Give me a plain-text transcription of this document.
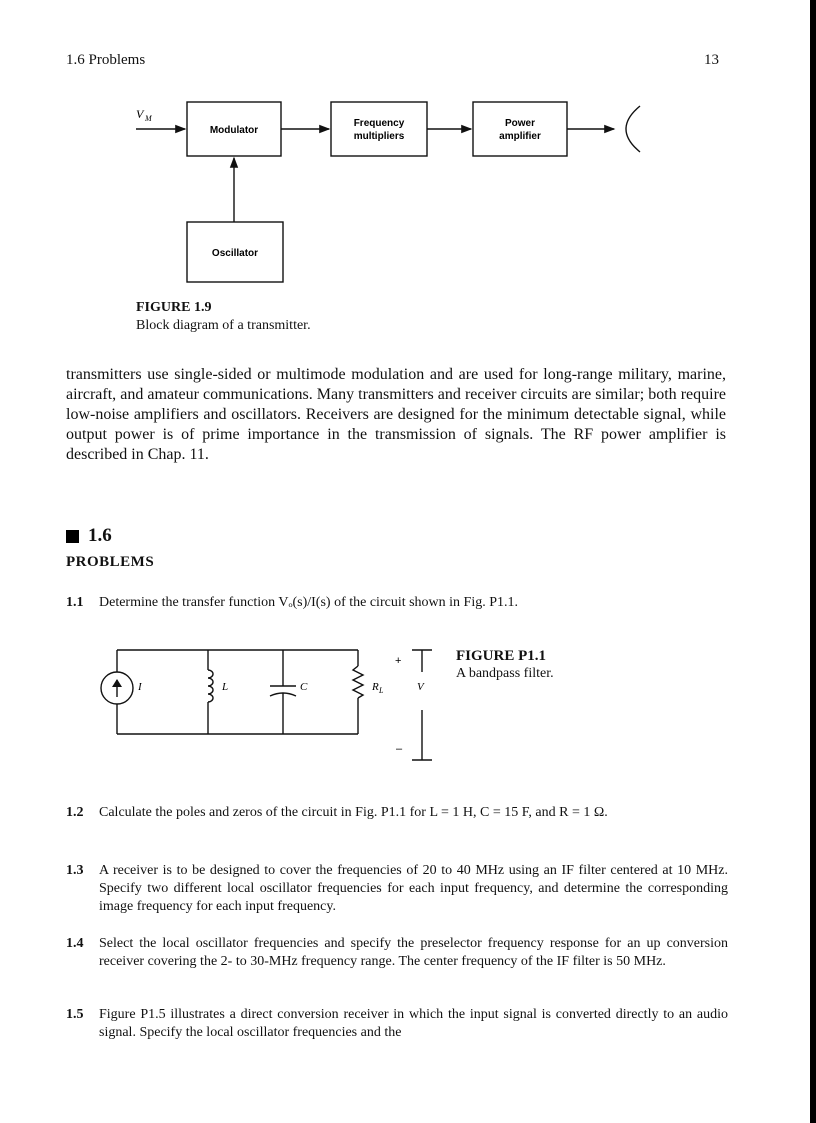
1.6 Problems	13
V M
Modulator
Frequency
multipliers
Power
amplifier
Oscillator
FIGURE 1.9
Block diagram of a transmitter.

transmitters use single-sided or multimode modulation and are used for long-range military, marine, aircraft, and amateur communications. Many transmitters and receiver circuits are similar; both require low-noise amplifiers and oscillators. Receivers are designed for the minimum detectable signal, while output power is of prime importance in the transmission of signals. The RF power amplifier is described in Chap. 11.

1.6
PROBLEMS
1.1 Determine the transfer function Vₒ(s)/I(s) of the circuit shown in Fig. P1.1.
I	L	C	R L	V
+
–
FIGURE P1.1
A bandpass filter.
1.2 Calculate the poles and zeros of the circuit in Fig. P1.1 for L = 1 H, C = 15 F, and R = 1 Ω.
1.3 A receiver is to be designed to cover the frequencies of 20 to 40 MHz using an IF filter centered at 10 MHz. Specify two different local oscillator frequencies for each input frequency, and determine the corresponding image frequency for each input frequency.
1.4 Select the local oscillator frequencies and specify the preselector frequency response for an up conversion receiver covering the 2- to 30-MHz frequency range. The center frequency of the IF filter is 50 MHz.
1.5 Figure P1.5 illustrates a direct conversion receiver in which the input signal is converted directly to an audio signal. Specify the local oscillator frequencies and the
